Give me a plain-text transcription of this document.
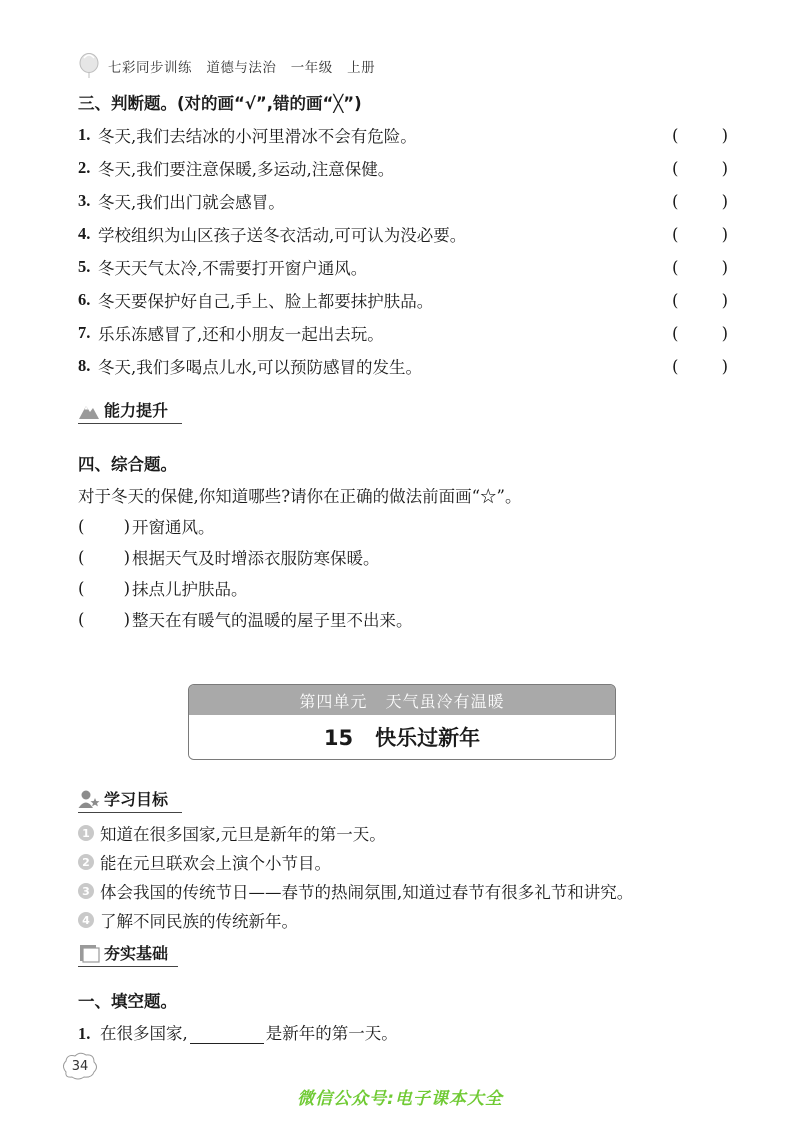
七彩同步训练   道德与法治   一年级   上册
三、判断题。(对的画“√”,错的画“╳”)
1. 冬天,我们去结冰的小河里滑冰不会有危险。	(	)
2. 冬天,我们要注意保暖,多运动,注意保健。	(	)
3. 冬天,我们出门就会感冒。	(	)
4. 学校组织为山区孩子送冬衣活动,可可认为没必要。	(	)
5. 冬天天气太冷,不需要打开窗户通风。	(	)
6. 冬天要保护好自己,手上、脸上都要抹护肤品。	(	)
7. 乐乐冻感冒了,还和小朋友一起出去玩。	(	)
8. 冬天,我们多喝点儿水,可以预防感冒的发生。	(	)
能力提升
四、综合题。
对于冬天的保健,你知道哪些?请你在正确的做法前面画“☆”。
( ) 开窗通风。
( ) 根据天气及时增添衣服防寒保暖。
( ) 抹点儿护肤品。
( ) 整天在有暖气的温暖的屋子里不出来。
第四单元   天气虽冷有温暖
15   快乐过新年
学习目标
1 知道在很多国家,元旦是新年的第一天。
2 能在元旦联欢会上演个小节目。
3 体会我国的传统节日——春节的热闹氛围,知道过春节有很多礼节和讲究。
4 了解不同民族的传统新年。
夯实基础
一、填空题。
1. 在很多国家,	是新年的第一天。
34
微信公众号:电子课本大全
